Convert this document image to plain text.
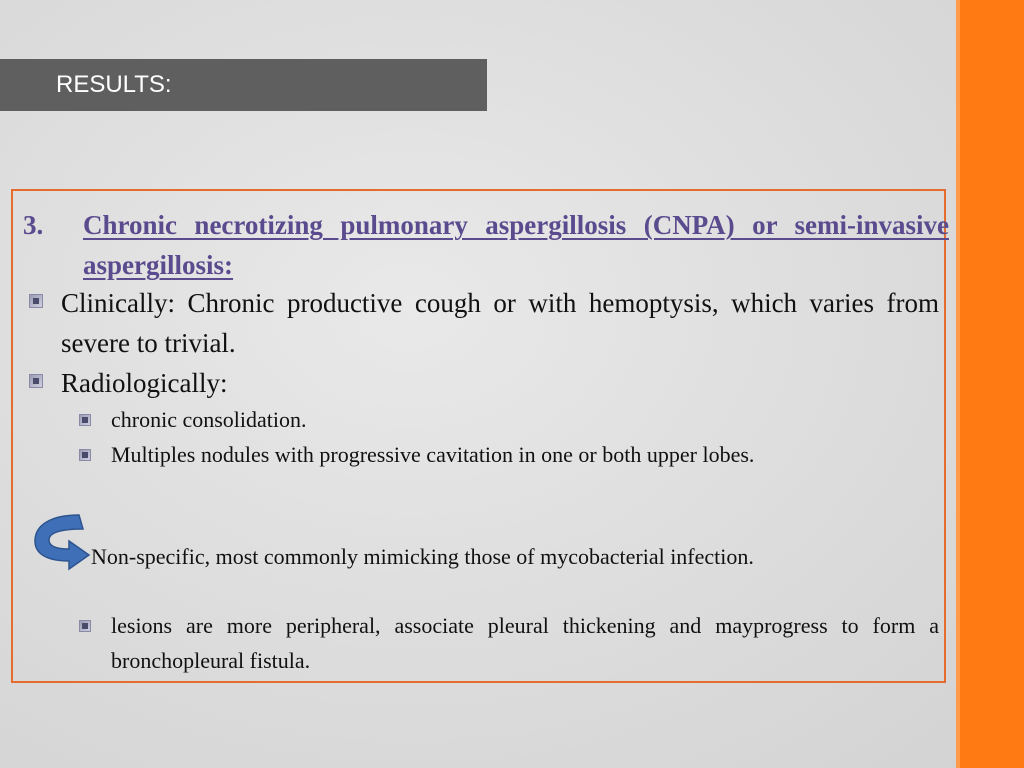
RESULTS:
3. Chronic necrotizing pulmonary aspergillosis (CNPA) or semi-invasive aspergillosis:
Clinically: Chronic productive cough or with hemoptysis, which varies from severe to trivial.
Radiologically:
chronic consolidation.
Multiples nodules with progressive cavitation in one or both upper lobes.
Non-specific, most commonly mimicking those of mycobacterial infection.
lesions are more peripheral, associate pleural thickening and mayprogress to form a bronchopleural fistula.
